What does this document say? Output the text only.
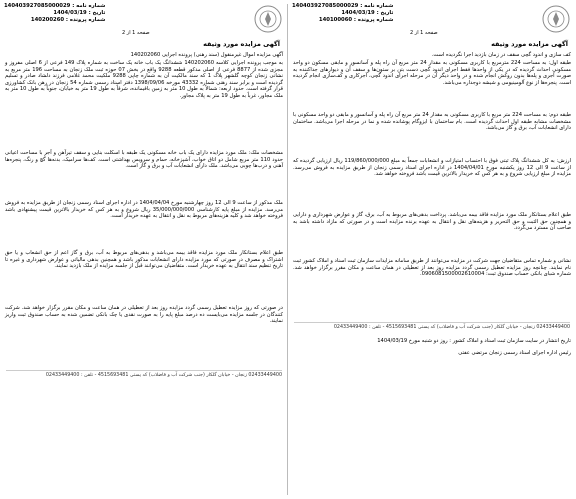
شماره نامه : 140403927085000029
تاریخ : 1404/03/19
شماره پرونده : 140200260
صفحه 1 از 2
آگهی مزایده مورد وثیقه
آگهی مزایده اموال غیرمنقول (سند رهنی) پرونده اجرایی 140202060
به موجب پرونده اجرایی کلاسه 140202060 ششدانگ یک باب خانه یک ساخت به شماره پلاک 149 فرعی از 6 اصلی مفروز و مجزی شده از 8877 فرعی از اصلی مذکور قطعه 9288 واقع در بخش 07 حوزه ثبت ملک زنجان به مساحت 196 متر مربع به نشانی زنجان کوچه گلشهر پلاک 1 که سند مالکیت آن به شماره چاپی 9288 ملکیت محمد غلامی فرزند دلشاد صادر و تسلیم گردیده است و برابر سند رهنی شماره 43332 مورخه 1398/09/06 دفتر اسناد رسمی شماره 54 زنجان در رهن بانک کشاورزی قرار گرفته است. حدود اربعه: شمالاً به طول 10 متر به زمین باقیمانده، شرقاً به طول 19 متر به خیابان، جنوباً به طول 10 متر به ملک مجاور، غرباً به طول 19 متر به پلاک مجاور.
مشخصات ملک: ملک مورد مزایده دارای یک باب خانه مسکونی یک طبقه با اسکلت بنایی و سقف تیرآهن و آجر با مساحت اعیانی حدود 110 متر مربع شامل دو اتاق خواب، آشپزخانه، حمام و سرویس بهداشتی است. کف‌ها سرامیک، بدنه‌ها گچ و رنگ، پنجره‌ها آهنی و درب‌ها چوبی می‌باشد. ملک دارای انشعابات آب و برق و گاز است.
ملک مذکور از ساعت 9 الی 12 روز چهارشنبه مورخ 1404/04/04 در اداره اجرای اسناد رسمی زنجان از طریق مزایده به فروش می‌رسد. مزایده از مبلغ پایه کارشناسی 35/000/000/000 ریال شروع و به هر کس که خریدار بالاترین قیمت پیشنهادی باشد فروخته خواهد شد و کلیه هزینه‌های مربوط به نقل و انتقال به عهده خریدار است.
طبق اعلام بستانکار ملک مورد مزایده فاقد بیمه می‌باشد و بدهی‌های مربوط به آب، برق و گاز اعم از حق انشعاب و یا حق اشتراک و مصرف در صورتی که مورد مزایده دارای انشعابات مذکور باشد و همچنین بدهی مالیاتی و عوارض شهرداری و غیره تا تاریخ تنظیم سند انتقال به عهده خریدار است. متقاضیان می‌توانند قبل از جلسه مزایده از ملک بازدید نمایند.
در صورتی که روز مزایده تعطیل رسمی گردد مزایده روز بعد از تعطیلی در همان ساعت و مکان مقرر برگزار خواهد شد. شرکت کنندگان در جلسه مزایده می‌بایست ده درصد مبلغ پایه را به صورت نقدی یا چک بانکی تضمین شده به حساب صندوق ثبت واریز نمایند.
02433449400 زنجان - خیابان گلکار (جنب شرکت آب و فاضلاب) کد پستی 4515693481 - تلفن : 02433449400
شماره نامه : 140403927085000029
تاریخ : 1404/03/19
شماره پرونده : 140100060
صفحه 1 از 2
آگهی مزایده مورد وثیقه
کف سازی و اندود گچی سقف در زمان بازدید اجرا نگردیده است.
طبقه اول: به مساحت 224 مترمربع با کاربری مسکونی به مقدار 24 متر مربع آن راه پله و آسانسور و مابقی مسکون دو واحد مسکونی احداث گردیده که در یکی از واحدها فقط اجرای اندود گچی دست بتن بر ستون‌ها و سقف آن و دیوارهای جداکننده به صورت آجری و پله‌ها بدون روکش انجام شده و در واحد دیگر آن در مرحله اجرای اندود گچی، آجرکاری و کف‌سازی انجام گردیده است. پنجره‌ها از نوع آلومینیومی و شیشه دوجداره می‌باشد.
طبقه دوم: به مساحت 224 متر مربع با کاربری مسکونی به مقدار 24 متر مربع آن راه پله و آسانسور و مابقی دو واحد مسکونی با مشخصات مشابه طبقه اول احداث گردیده است. بام ساختمان با ایزوگام پوشانده شده و نما در مرحله اجرا می‌باشد. ساختمان دارای انشعابات آب، برق و گاز می‌باشد.
ارزش: به کل ششدانگ پلاک ثبتی فوق با احتساب امتیازات و انشعابات جمعاً به مبلغ 119/860/000/000 ریال ارزیابی گردیده که از ساعت 9 الی 12 روز یکشنبه مورخ 1404/04/01 در اداره اجرای اسناد رسمی زنجان از طریق مزایده به فروش می‌رسد. مزایده از مبلغ ارزیابی شروع و به هر کس که خریدار بالاترین قیمت باشد فروخته خواهد شد.
طبق اعلام بستانکار ملک مورد مزایده فاقد بیمه می‌باشد. پرداخت بدهی‌های مربوط به آب، برق، گاز و عوارض شهرداری و دارایی و همچنین حق الثبت و حق التحریر و هزینه‌های نقل و انتقال به عهده برنده مزایده است و در صورتی که مازاد داشته باشد به صاحب آن مسترد می‌گردد.
نشانی و شماره تماس متقاضیان جهت شرکت در مزایده می‌توانند از طریق سامانه مزایدات سازمان ثبت اسناد و املاک کشور ثبت نام نمایند. چنانچه روز مزایده تعطیل رسمی گردد مزایده روز بعد از تعطیلی در همان ساعت و مکان مقرر برگزار خواهد شد. شماره شبای بانکی حساب صندوق ثبت: 0906081500002610004.
02433449400 زنجان - خیابان گلکار (جنب شرکت آب و فاضلاب) کد پستی 4515693481 - تلفن : 02433449400
تاریخ انتشار در سایت سازمان ثبت اسناد و املاک کشور : روز دو شنبه مورخ 1404/03/19
رئیس اداره اجرای اسناد رسمی زنجان مرتضی عفتی
